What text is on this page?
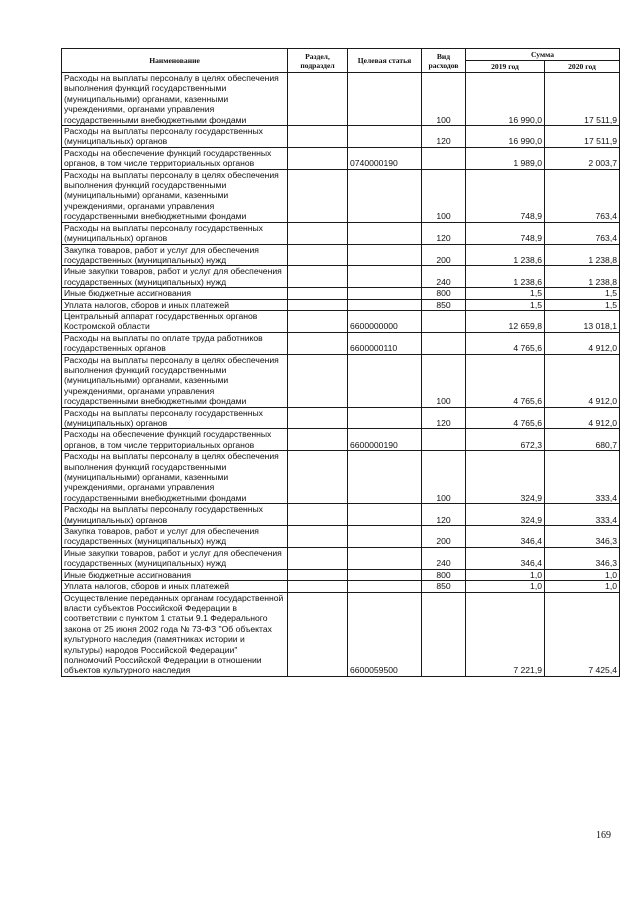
Наименование	Раздел, подраздел	Целевая статья	Вид расходов	Сумма	
				2019 год	2020 год
Расходы на выплаты персоналу в целях обеспечения выполнения функций государственными (муниципальными) органами, казенными учреждениями, органами управления государственными внебюджетными фондами			100	16 990,0	17 511,9
Расходы на выплаты персоналу государственных (муниципальных) органов			120	16 990,0	17 511,9
Расходы на обеспечение функций государственных органов, в том числе территориальных органов		0740000190		1 989,0	2 003,7
Расходы на выплаты персоналу в целях обеспечения выполнения функций государственными (муниципальными) органами, казенными учреждениями, органами управления государственными внебюджетными фондами			100	748,9	763,4
Расходы на выплаты персоналу государственных (муниципальных) органов			120	748,9	763,4
Закупка товаров, работ и услуг для обеспечения государственных (муниципальных) нужд			200	1 238,6	1 238,8
Иные закупки товаров, работ и услуг для обеспечения государственных (муниципальных) нужд			240	1 238,6	1 238,8
Иные бюджетные ассигнования			800	1,5	1,5
Уплата налогов, сборов и иных платежей			850	1,5	1,5
Центральный аппарат государственных органов Костромской области		6600000000		12 659,8	13 018,1
Расходы на выплаты по оплате труда работников государственных органов		6600000110		4 765,6	4 912,0
Расходы на выплаты персоналу в целях обеспечения выполнения функций государственными (муниципальными) органами, казенными учреждениями, органами управления государственными внебюджетными фондами			100	4 765,6	4 912,0
Расходы на выплаты персоналу государственных (муниципальных) органов			120	4 765,6	4 912,0
Расходы на обеспечение функций государственных органов, в том числе территориальных органов		6600000190		672,3	680,7
Расходы на выплаты персоналу в целях обеспечения выполнения функций государственными (муниципальными) органами, казенными учреждениями, органами управления государственными внебюджетными фондами			100	324,9	333,4
Расходы на выплаты персоналу государственных (муниципальных) органов			120	324,9	333,4
Закупка товаров, работ и услуг для обеспечения государственных (муниципальных) нужд			200	346,4	346,3
Иные закупки товаров, работ и услуг для обеспечения государственных (муниципальных) нужд			240	346,4	346,3
Иные бюджетные ассигнования			800	1,0	1,0
Уплата налогов, сборов и иных платежей			850	1,0	1,0
Осуществление переданных органам государственной власти субъектов Российской Федерации в соответствии с пунктом 1 статьи 9.1 Федерального закона от 25 июня 2002 года № 73-ФЗ "Об объектах культурного наследия (памятниках истории и культуры) народов Российской Федерации" полномочий Российской Федерации в отношении объектов культурного наследия		6600059500		7 221,9	7 425,4
169
